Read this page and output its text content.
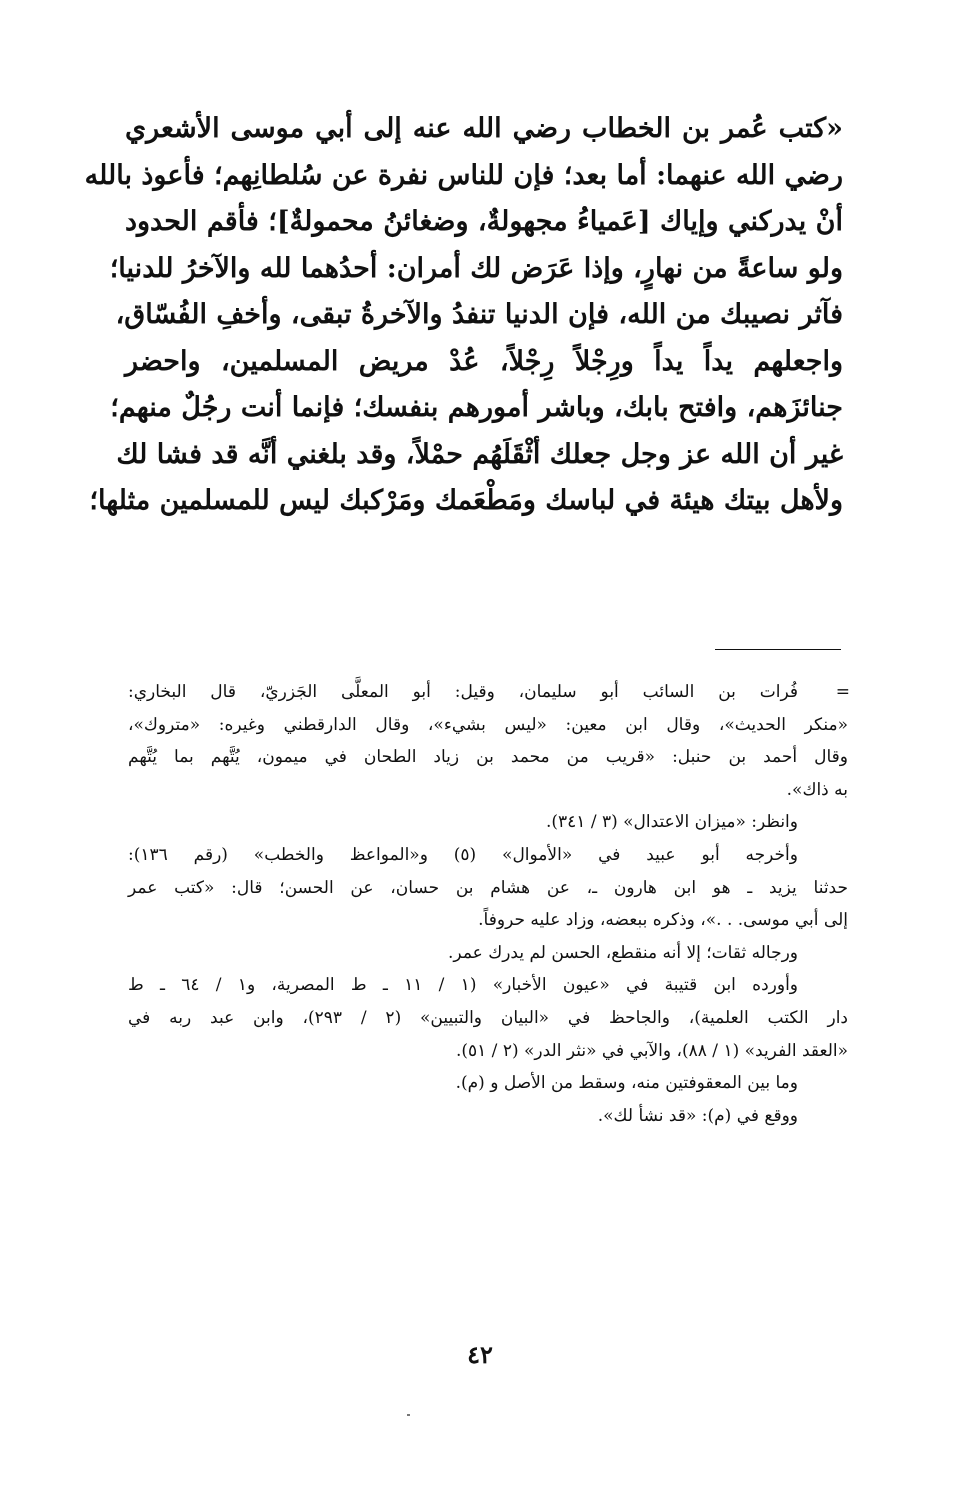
«كتب عُمر بن الخطاب رضي الله عنه إلى أبي موسى الأشعري
رضي الله عنهما: أما بعد؛ فإن للناس نفرة عن سُلطانِهم؛ فأعوذ بالله
أنْ يدركني وإياك [عَمياءُ مجهولةٌ، وضغائنُ محمولةٌ]؛ فأقم الحدود
ولو ساعةً من نهارٍ، وإذا عَرَض لك أمران: أحدُهما لله والآخرُ للدنيا؛
فآثر نصيبك من الله، فإن الدنيا تنفدُ والآخرةُ تبقى، وأخفِ الفُسّاق،
واجعلهم يداً يداً ورِجْلاً رِجْلاً، عُدْ مريض المسلمين، واحضر
جنائزَهم، وافتح بابك، وباشر أمورهم بنفسك؛ فإنما أنت رجُلٌ منهم؛
غير أن الله عز وجل جعلك أثْقَلَهُم حمْلاً، وقد بلغني أنَّه قد فشا لك
ولأهل بيتك هيئة في لباسك ومَطْعَمك ومَرْكبك ليس للمسلمين مثلها؛
=
فُرات بن السائب أبو سليمان، وقيل: أبو المعلَّى الجَزريّ، قال البخاري:
«منكر الحديث»، وقال ابن معين: «ليس بشيء»، وقال الدارقطني وغيره: «متروك»،
وقال أحمد بن حنبل: «قريب من محمد بن زياد الطحان في ميمون، يُتَّهم بما يُتَّهم
به ذاك».
وانظر: «ميزان الاعتدال» (٣ / ٣٤١).
وأخرجه أبو عبيد في «الأموال» (٥) و«المواعظ والخطب» (رقم ١٣٦):
حدثنا يزيد ـ هو ابن هارون ـ، عن هشام بن حسان، عن الحسن؛ قال: «كتب عمر
إلى أبي موسى. . .»، وذكره ببعضه، وزاد عليه حروفاً.
ورجاله ثقات؛ إلا أنه منقطع، الحسن لم يدرك عمر.
وأورده ابن قتيبة في «عيون الأخبار» (١ / ١١ ـ ط المصرية، و١ / ٦٤ ـ ط
دار الكتب العلمية)، والجاحظ في «البيان والتبيين» (٢ / ٢٩٣)، وابن عبد ربه في
«العقد الفريد» (١ / ٨٨)، والآبي في «نثر الدر» (٢ / ٥١).
وما بين المعقوفتين منه، وسقط من الأصل و (م).
ووقع في (م): «قد نشأ لك».
٤٢
